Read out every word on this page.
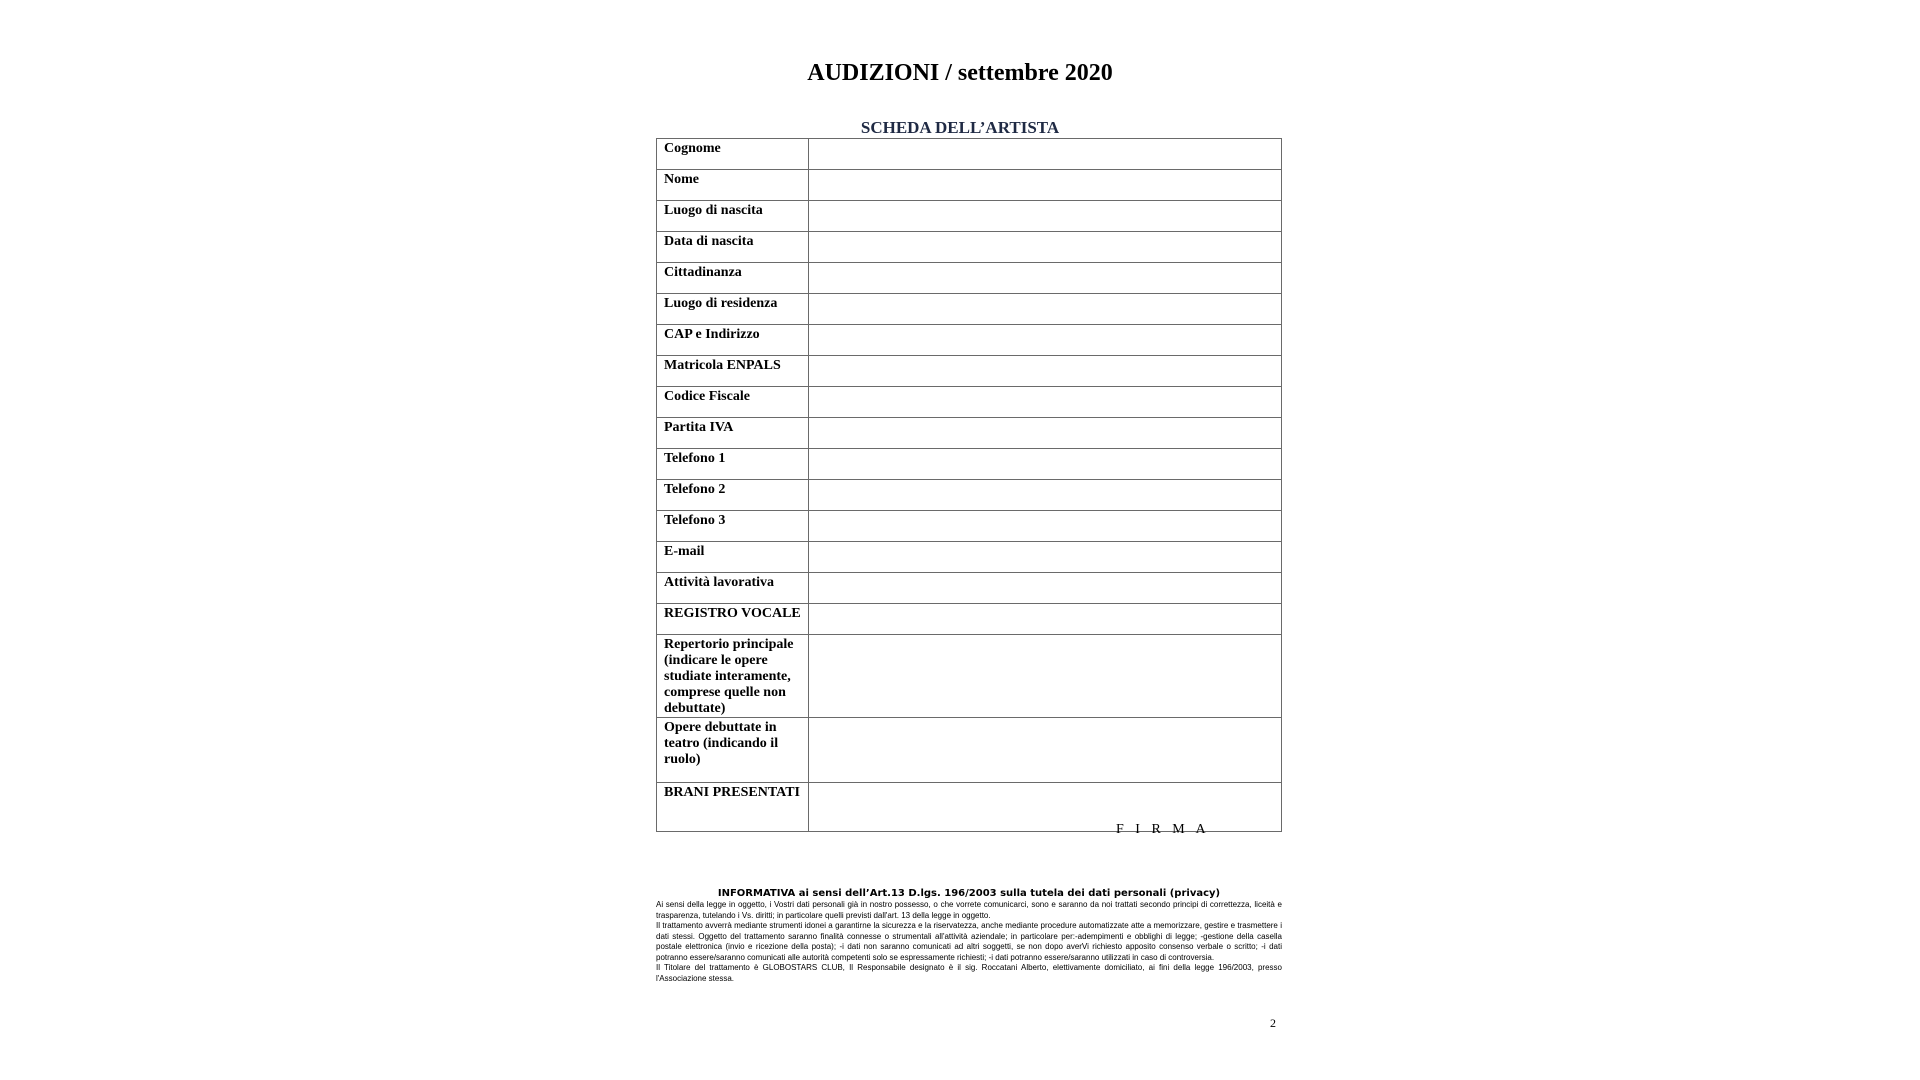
AUDIZIONI / settembre 2020
SCHEDA DELL’ARTISTA
Cognome	
Nome	
Luogo di nascita	
Data di nascita	
Cittadinanza	
Luogo di residenza	
CAP e Indirizzo	
Matricola ENPALS	
Codice Fiscale	
Partita IVA	
Telefono 1	
Telefono 2	
Telefono 3	
E-mail	
Attività lavorativa	
REGISTRO VOCALE	
Repertorio principale (indicare le opere studiate interamente, comprese quelle non debuttate)	
Opere debuttate in teatro (indicando il ruolo)	
BRANI PRESENTATI	
F I R M A
INFORMATIVA ai sensi dell’Art.13 D.lgs. 196/2003 sulla tutela dei dati personali (privacy)

Ai sensi della legge in oggetto, i Vostri dati personali già in nostro possesso, o che vorrete comunicarci, sono e saranno da noi trattati secondo principi di correttezza, liceità e trasparenza, tutelando i Vs. diritti; in particolare quelli previsti dall'art. 13 della legge in oggetto.

Il trattamento avverrà mediante strumenti idonei a garantirne la sicurezza e la riservatezza, anche mediante procedure automatizzate atte a memorizzare, gestire e trasmettere i dati stessi. Oggetto del trattamento saranno finalità connesse o strumentali all'attività aziendale; in particolare per:-adempimenti e obblighi di legge; -gestione della casella postale elettronica (invio e ricezione della posta); -i dati non saranno comunicati ad altri soggetti, se non dopo averVi richiesto apposito consenso verbale o scritto; -i dati potranno essere/saranno comunicati alle autorità competenti solo se espressamente richiesti; -i dati potranno essere/saranno utilizzati in caso di controversia.

Il Titolare del trattamento è GLOBOSTARS CLUB, Il Responsabile designato è il sig. Roccatani Alberto, elettivamente domiciliato, ai fini della legge 196/2003, presso l'Associazione stessa.

2
